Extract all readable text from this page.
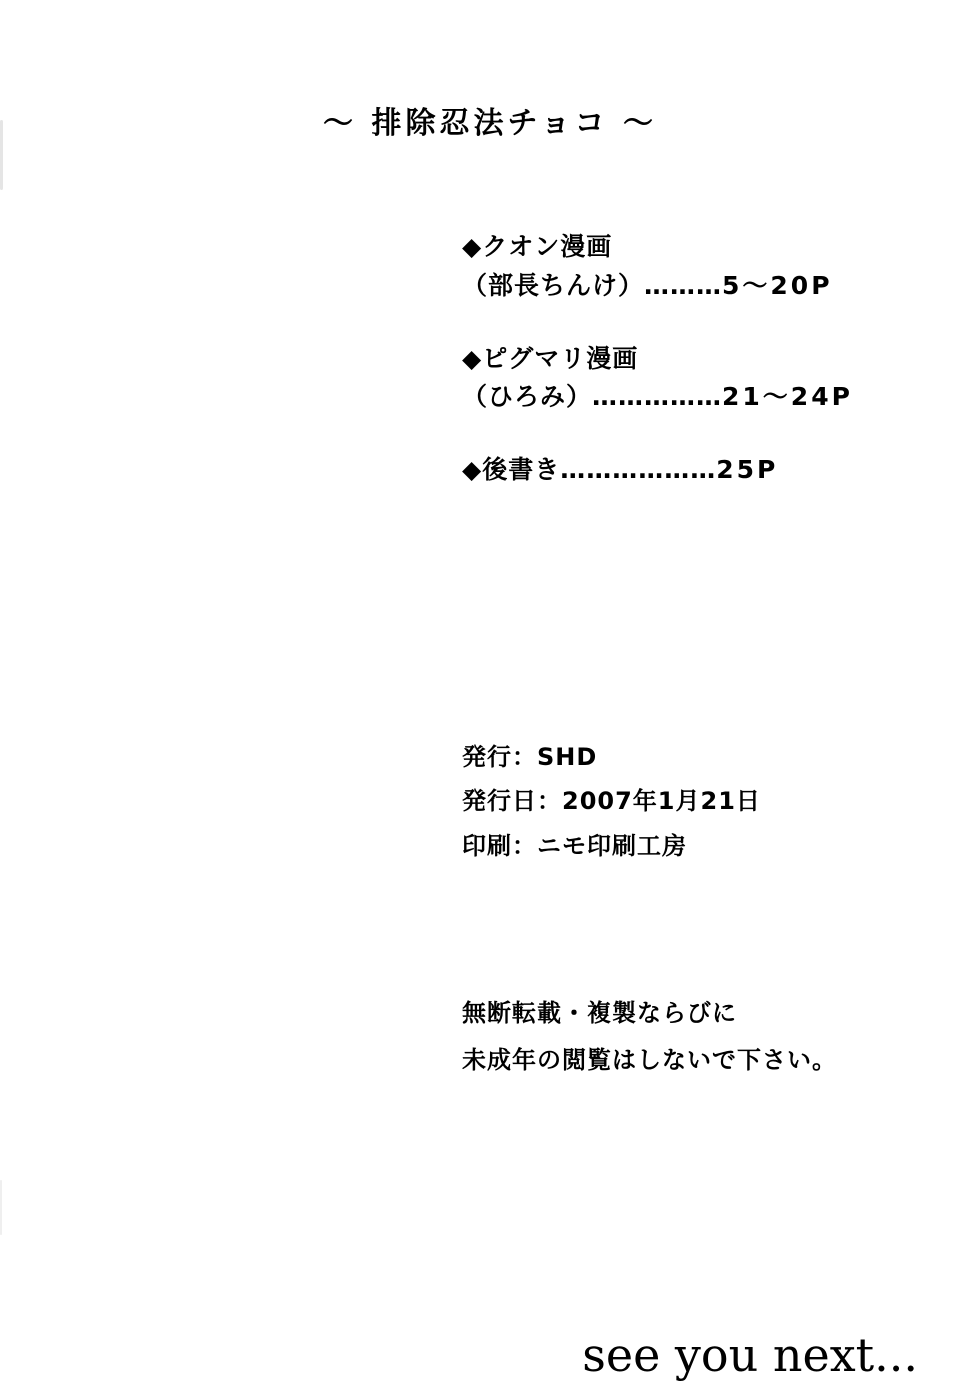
〜 排除忍法チョコ 〜
◆クオン漫画
（部長ちんけ）………5〜20P
◆ピグマリ漫画
（ひろみ）……………21〜24P
◆後書き………………25P
発行：SHD
発行日：2007年1月21日
印刷：ニモ印刷工房
無断転載・複製ならびに
未成年の閲覧はしないで下さい。
see you next...
